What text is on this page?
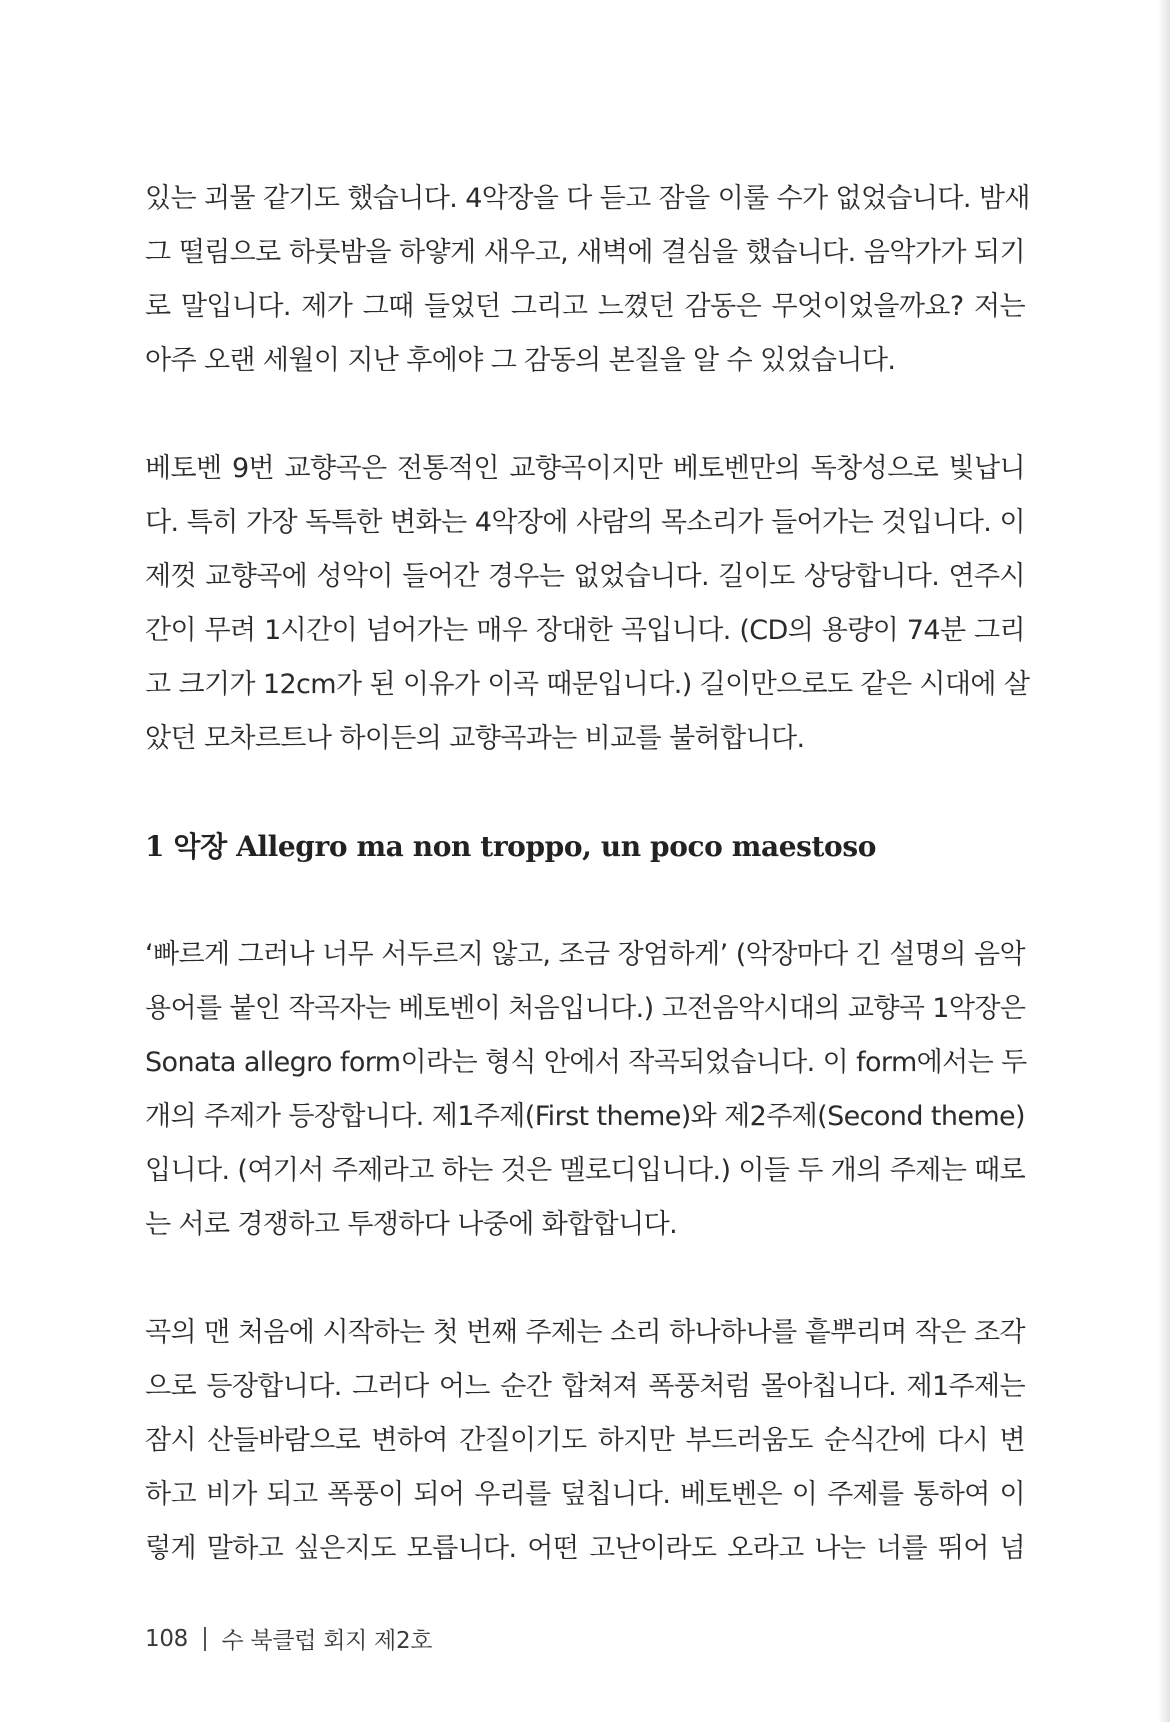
있는 괴물 같기도 했습니다. 4악장을 다 듣고 잠을 이룰 수가 없었습니다. 밤새
그 떨림으로 하룻밤을 하얗게 새우고, 새벽에 결심을 했습니다. 음악가가 되기
로 말입니다. 제가 그때 들었던 그리고 느꼈던 감동은 무엇이었을까요? 저는
아주 오랜 세월이 지난 후에야 그 감동의 본질을 알 수 있었습니다.
베토벤 9번 교향곡은 전통적인 교향곡이지만 베토벤만의 독창성으로 빛납니
다. 특히 가장 독특한 변화는 4악장에 사람의 목소리가 들어가는 것입니다. 이
제껏 교향곡에 성악이 들어간 경우는 없었습니다. 길이도 상당합니다. 연주시
간이 무려 1시간이 넘어가는 매우 장대한 곡입니다. (CD의 용량이 74분 그리
고 크기가 12cm가 된 이유가 이곡 때문입니다.) 길이만으로도 같은 시대에 살
았던 모차르트나 하이든의 교향곡과는 비교를 불허합니다.
1 악장 Allegro ma non troppo, un poco maestoso
‘빠르게 그러나 너무 서두르지 않고, 조금 장엄하게’ (악장마다 긴 설명의 음악
용어를 붙인 작곡자는 베토벤이 처음입니다.) 고전음악시대의 교향곡 1악장은
Sonata allegro form이라는 형식 안에서 작곡되었습니다. 이 form에서는 두
개의 주제가 등장합니다. 제1주제(First theme)와 제2주제(Second theme)
입니다. (여기서 주제라고 하는 것은 멜로디입니다.) 이들 두 개의 주제는 때로
는 서로 경쟁하고 투쟁하다 나중에 화합합니다.
곡의 맨 처음에 시작하는 첫 번째 주제는 소리 하나하나를 흩뿌리며 작은 조각
으로 등장합니다. 그러다 어느 순간 합쳐져 폭풍처럼 몰아칩니다. 제1주제는
잠시 산들바람으로 변하여 간질이기도 하지만 부드러움도 순식간에 다시 변
하고 비가 되고 폭풍이 되어 우리를 덮칩니다. 베토벤은 이 주제를 통하여 이
렇게 말하고 싶은지도 모릅니다. 어떤 고난이라도 오라고 나는 너를 뛰어 넘
108 수 북클럽 회지 제2호
